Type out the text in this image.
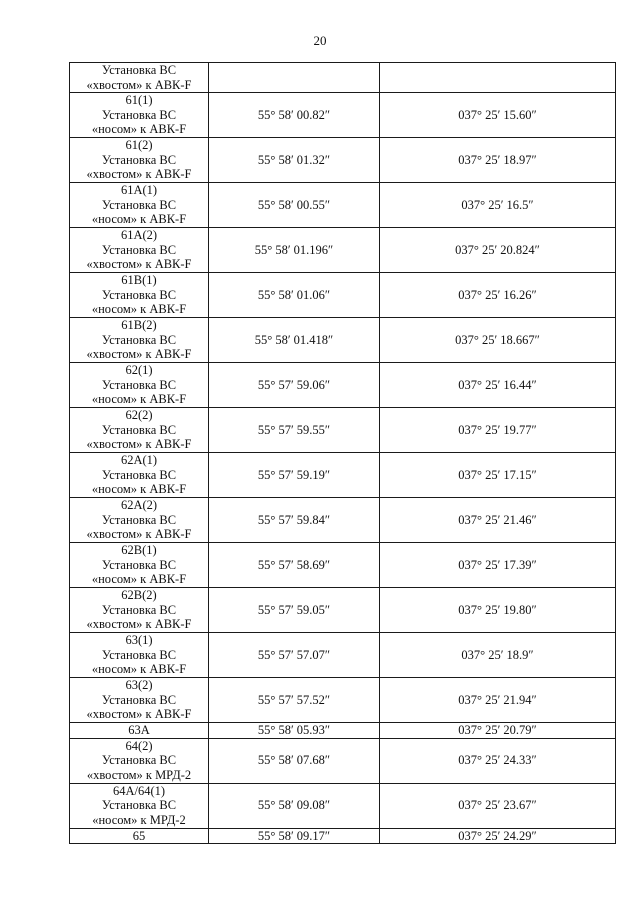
20
Установка ВС
«хвостом» к АВК-F		

61(1)
Установка ВС
«носом» к АВК-F	55° 58′ 00.82″	037° 25′ 15.60″

61(2)
Установка ВС
«хвостом» к АВК-F	55° 58′ 01.32″	037° 25′ 18.97″

61А(1)
Установка ВС
«носом» к АВК-F	55° 58′ 00.55″	037° 25′ 16.5″

61А(2)
Установка ВС
«хвостом» к АВК-F	55° 58′ 01.196″	037° 25′ 20.824″

61В(1)
Установка ВС
«носом» к АВК-F	55° 58′ 01.06″	037° 25′ 16.26″

61В(2)
Установка ВС
«хвостом» к АВК-F	55° 58′ 01.418″	037° 25′ 18.667″

62(1)
Установка ВС
«носом» к АВК-F	55° 57′ 59.06″	037° 25′ 16.44″

62(2)
Установка ВС
«хвостом» к АВК-F	55° 57′ 59.55″	037° 25′ 19.77″

62А(1)
Установка ВС
«носом» к АВК-F	55° 57′ 59.19″	037° 25′ 17.15″

62А(2)
Установка ВС
«хвостом» к АВК-F	55° 57′ 59.84″	037° 25′ 21.46″

62В(1)
Установка ВС
«носом» к АВК-F	55° 57′ 58.69″	037° 25′ 17.39″

62В(2)
Установка ВС
«хвостом» к АВК-F	55° 57′ 59.05″	037° 25′ 19.80″

63(1)
Установка ВС
«носом» к АВК-F	55° 57′ 57.07″	037° 25′ 18.9″

63(2)
Установка ВС
«хвостом» к АВК-F	55° 57′ 57.52″	037° 25′ 21.94″

63А	55° 58′ 05.93″	037° 25′ 20.79″

64(2)
Установка ВС
«хвостом» к МРД-2	55° 58′ 07.68″	037° 25′ 24.33″

64А/64(1)
Установка ВС
«носом» к МРД-2	55° 58′ 09.08″	037° 25′ 23.67″

65	55° 58′ 09.17″	037° 25′ 24.29″
